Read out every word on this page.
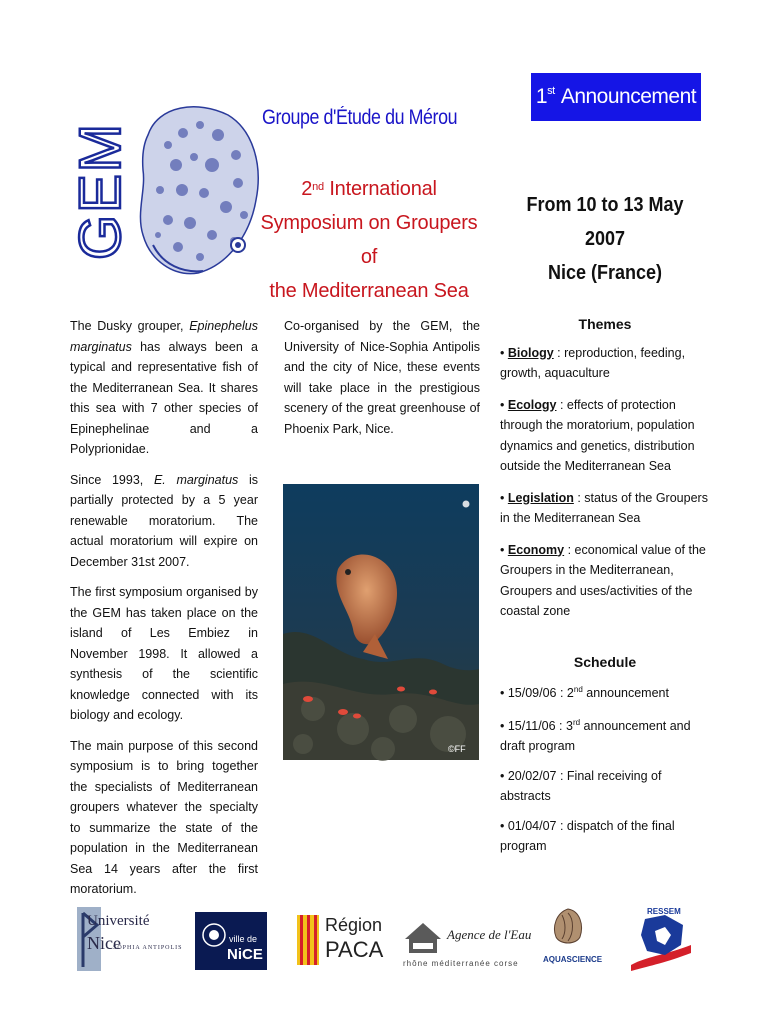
GEM
Groupe d'Étude du Mérou
2nd International
Symposium on Groupers of
the Mediterranean Sea
1st Announcement
From 10 to 13 May 2007
Nice (France)

The Dusky grouper, Epinephelus marginatus has always been a typical and representative fish of the Mediterranean Sea. It shares this sea with 7 other species of Epinephelinae and a Polyprionidae.

Since 1993, E. marginatus is partially protected by a 5 year renewable moratorium. The actual moratorium will expire on December 31st 2007.

The first symposium organised by the GEM has taken place on the island of Les Embiez in November 1998. It allowed a synthesis of the scientific knowledge connected with its biology and ecology.

The main purpose of this second symposium is to bring together the specialists of Mediterranean groupers whatever the specialty to summarize the state of the population in the Mediterranean Sea 14 years after the first moratorium.

Co-organised by the GEM, the University of Nice-Sophia Antipolis and the city of Nice, these events will take place in the prestigious scenery of the great greenhouse of Phoenix Park, Nice.

©FF
Themes
• Biology : reproduction, feeding, growth, aquaculture
• Ecology : effects of protection through the moratorium, population dynamics and genetics, distribution outside the Mediterranean Sea
• Legislation : status of the Groupers in the Mediterranean Sea
• Economy : economical value of the Groupers in the Mediterranean, Groupers and uses/activities of the coastal zone
Schedule
• 15/09/06 : 2nd announcement
• 15/11/06 : 3rd announcement and draft program
• 20/02/07 : Final receiving of abstracts
• 01/04/07 : dispatch of the final program
Université
Nice
SOPHIA ANTIPOLIS
ville de
NiCE
Région
PACA
Agence de l'Eau
rhône méditerranée corse	AQUASCIENCE
RESSEM
